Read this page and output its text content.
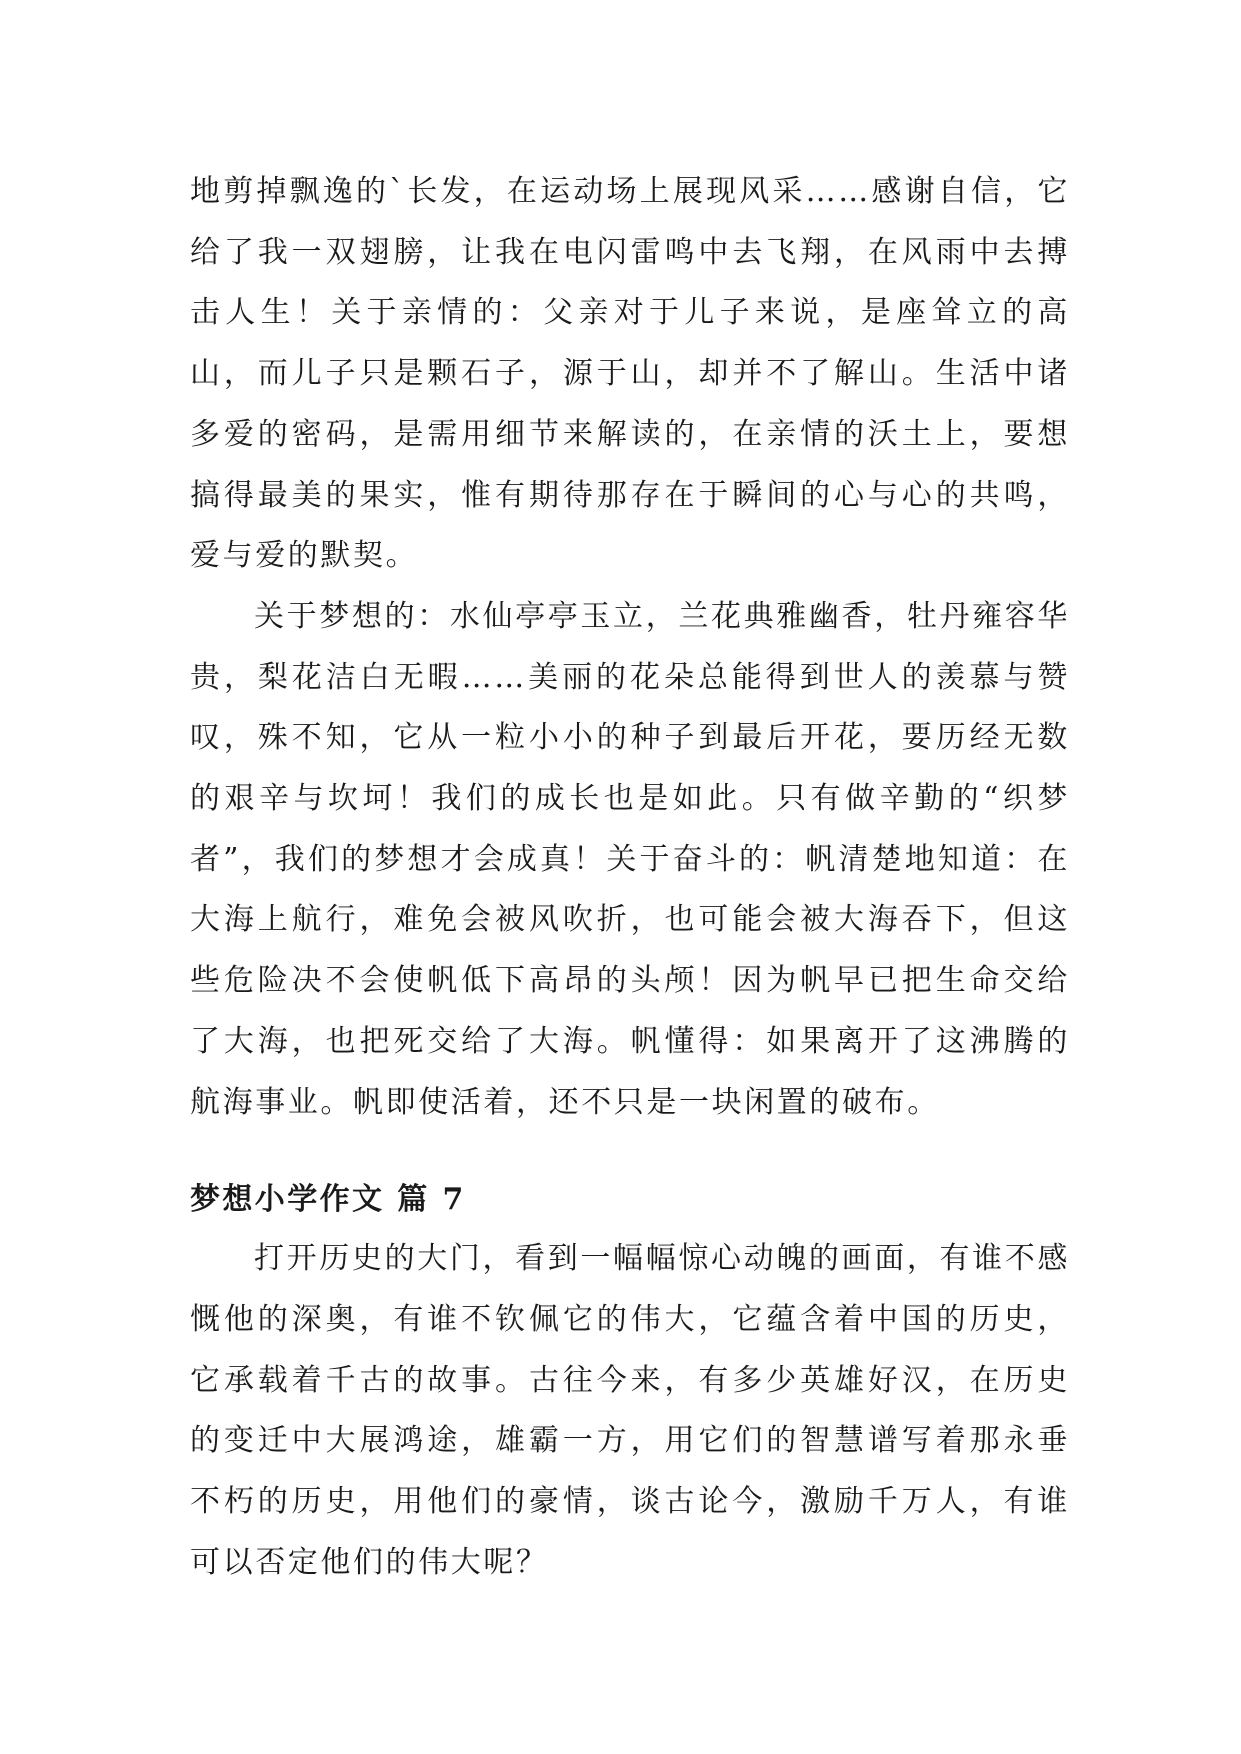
地剪掉飘逸的`长发，在运动场上展现风采……感谢自信，它给了我一双翅膀，让我在电闪雷鸣中去飞翔，在风雨中去搏击人生！关于亲情的：父亲对于儿子来说，是座耸立的高山，而儿子只是颗石子，源于山，却并不了解山。生活中诸多爱的密码，是需用细节来解读的，在亲情的沃土上，要想搞得最美的果实，惟有期待那存在于瞬间的心与心的共鸣，爱与爱的默契。

关于梦想的：水仙亭亭玉立，兰花典雅幽香，牡丹雍容华贵，梨花洁白无暇……美丽的花朵总能得到世人的羡慕与赞叹，殊不知，它从一粒小小的种子到最后开花，要历经无数的艰辛与坎坷！我们的成长也是如此。只有做辛勤的“织梦者”，我们的梦想才会成真！关于奋斗的：帆清楚地知道：在大海上航行，难免会被风吹折，也可能会被大海吞下，但这些危险决不会使帆低下高昂的头颅！因为帆早已把生命交给了大海，也把死交给了大海。帆懂得：如果离开了这沸腾的航海事业。帆即使活着，还不只是一块闲置的破布。

梦想小学作文 篇 7

打开历史的大门，看到一幅幅惊心动魄的画面，有谁不感慨他的深奥，有谁不钦佩它的伟大，它蕴含着中国的历史，它承载着千古的故事。古往今来，有多少英雄好汉，在历史的变迁中大展鸿途，雄霸一方，用它们的智慧谱写着那永垂不朽的历史，用他们的豪情，谈古论今，激励千万人，有谁可以否定他们的伟大呢？
